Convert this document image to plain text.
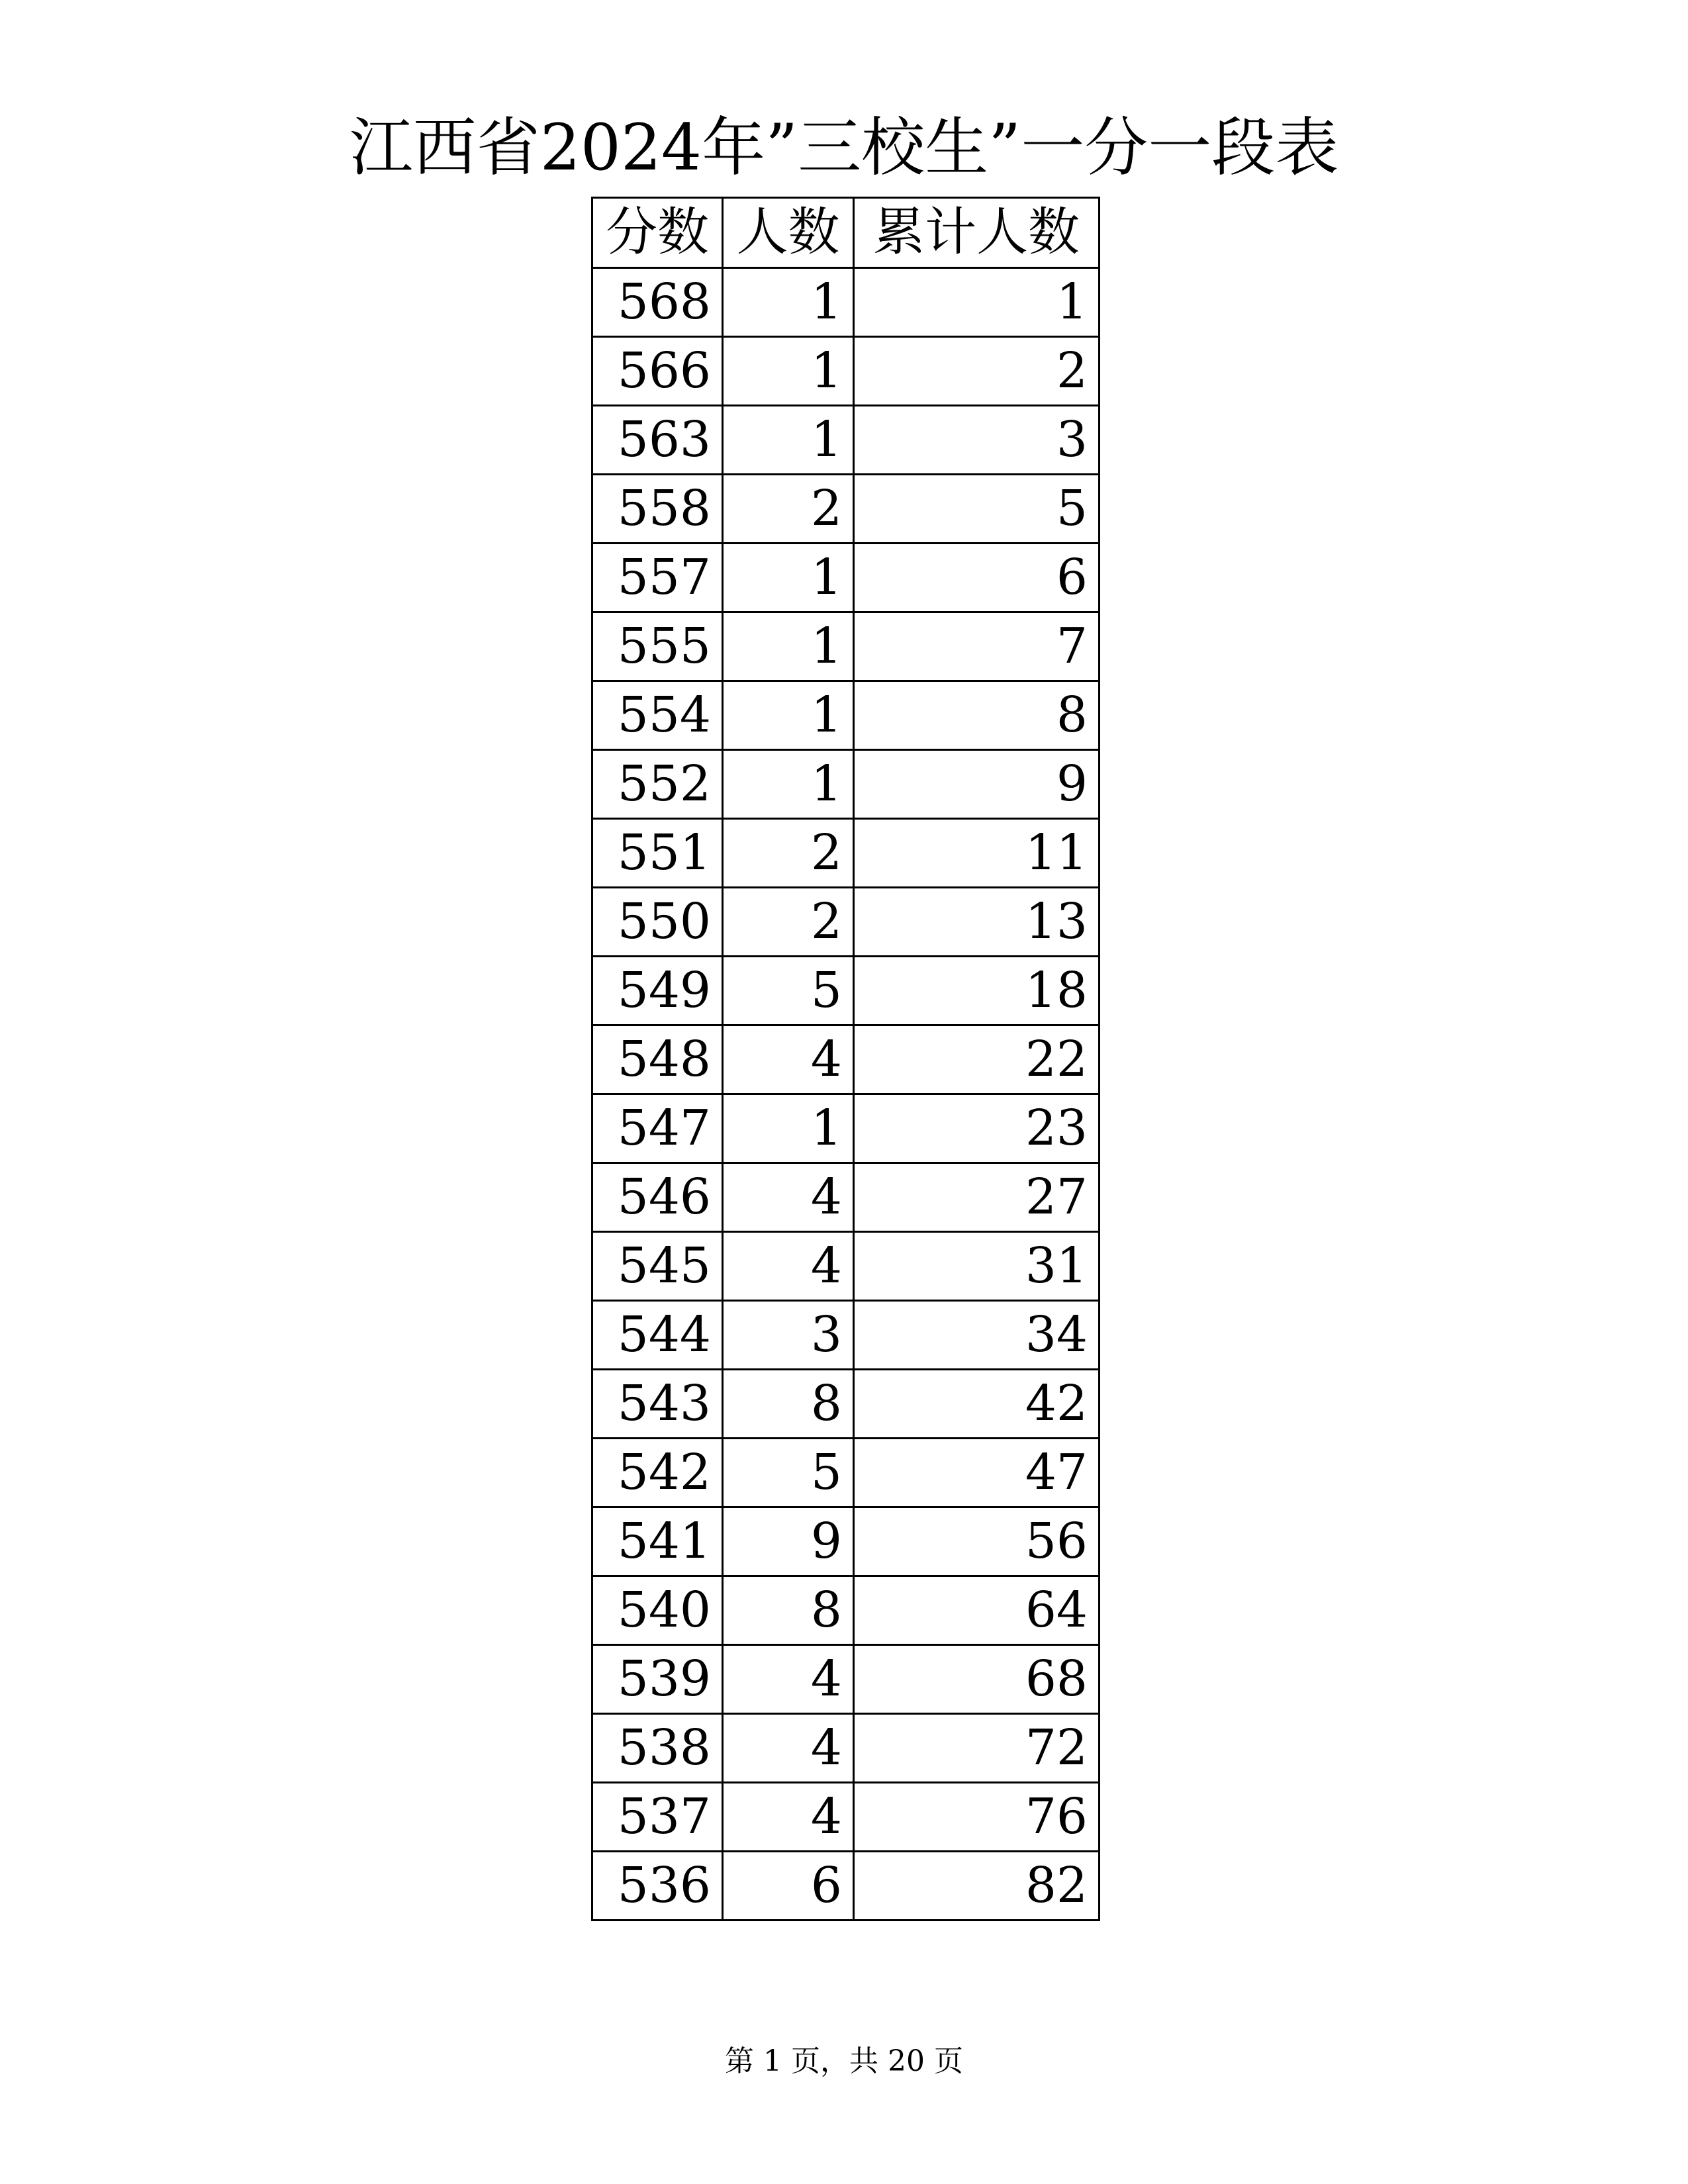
江西省2024年”三校生”一分一段表
分数	人数	累计人数
568	1	1
566	1	2
563	1	3
558	2	5
557	1	6
555	1	7
554	1	8
552	1	9
551	2	11
550	2	13
549	5	18
548	4	22
547	1	23
546	4	27
545	4	31
544	3	34
543	8	42
542	5	47
541	9	56
540	8	64
539	4	68
538	4	72
537	4	76
536	6	82
第 1 页，共 20 页
